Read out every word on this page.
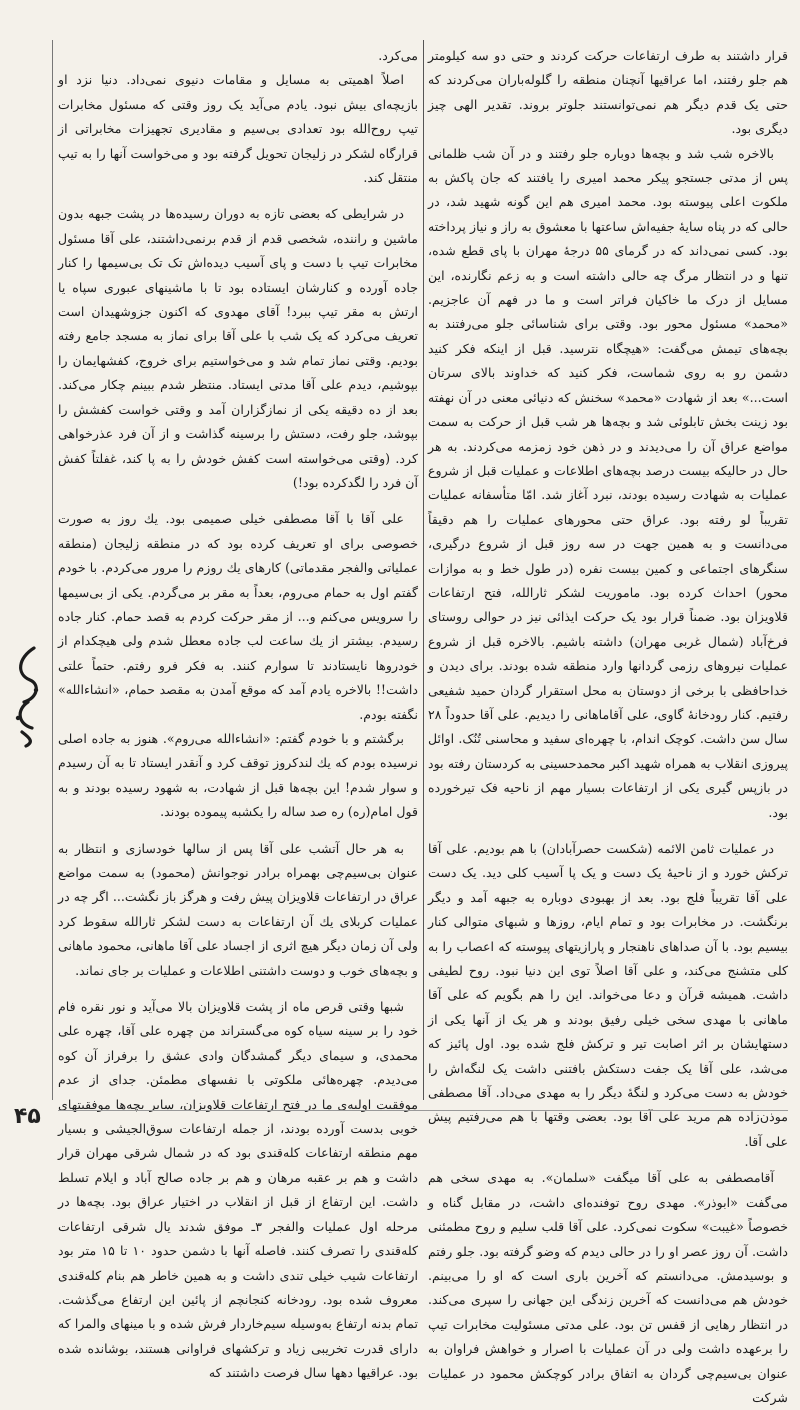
قرار داشتند به طرف ارتفاعات حرکت کردند و حتی دو سه کیلومتر هم جلو رفتند، اما عراقیها آنچنان منطقه را گلوله‌باران می‌کردند که حتی یک قدم دیگر هم نمی‌توانستند جلوتر بروند. تقدیر الهی چیز دیگری بود.

بالاخره شب شد و بچه‌ها دوباره جلو رفتند و در آن شب ظلمانی پس از مدتی جستجو پیکر محمد امیری را یافتند که جان پاکش به ملکوت اعلی پیوسته بود. محمد امیری هم این گونه شهید شد، در حالی که در پناه سایهٔ جفیه‌اش ساعتها با معشوق به راز و نیاز پرداخته بود. کسی نمی‌داند که در گرمای ۵۵ درجهٔ مهران با پای قطع شده، تنها و در انتظار مرگ چه حالی داشته است و به زعم نگارنده، این مسایل از درک ما خاکیان فراتر است و ما در فهم آن عاجزیم. «محمد» مسئول محور بود. وقتی برای شناسائی جلو می‌رفتند به بچه‌های تیمش می‌گفت: «هیچگاه نترسید. قبل از اینکه فکر کنید دشمن رو به روی شماست، فکر کنید که خداوند بالای سرتان است...» بعد از شهادت «محمد» سخنش که دنیائی معنی در آن نهفته بود زینت بخش تابلوئی شد و بچه‌ها هر شب قبل از حرکت به سمت مواضع عراق آن را می‌دیدند و در ذهن خود زمزمه می‌کردند. به هر حال در حالیکه بیست درصد بچه‌های اطلاعات و عملیات قبل از شروع عملیات به شهادت رسیده بودند، نبرد آغاز شد. امّا متأسفانه عملیات تقریباً لو رفته بود. عراق حتی محورهای عملیات را هم دقیقاً می‌دانست و به همین جهت در سه روز قبل از شروع درگیری، سنگرهای اجتماعی و کمین بیست نفره (در طول خط و به موازات محور) احداث کرده بود. ماموریت لشکر ثارالله، فتح ارتفاعات قلاویزان بود. ضمناً قرار بود یک حرکت ایذائی نیز در حوالی روستای فرخ‌آباد (شمال غربی مهران) داشته باشیم. بالاخره قبل از شروع عملیات نیروهای رزمی گردانها وارد منطقه شده بودند. برای دیدن و خداحافظی با برخی از دوستان به محل استقرار گردان حمید شفیعی رفتیم. کنار رودخانهٔ گاوی، علی آقاماهانی را دیدیم. علی آقا حدوداً ۲۸ سال سن داشت. کوچک اندام، با چهره‌ای سفید و محاسنی تُنُک. اوائل پیروزی انقلاب به همراه شهید اکبر محمدحسینی به کردستان رفته بود در بازپس گیری یکی از ارتفاعات بسیار مهم از ناحیه فک تیرخورده بود.

در عملیات ثامن الائمه (شکست حصرآبادان) با هم بودیم. علی آقا ترکش خورد و از ناحیهٔ یک دست و یک پا آسیب کلی دید. یک دست علی آقا تقریباً فلج بود. بعد از بهبودی دوباره به جبهه آمد و دیگر برنگشت. در مخابرات بود و تمام ایام، روزها و شبهای متوالی کنار بیسیم بود. با آن صداهای ناهنجار و پارازیتهای پیوسته که اعصاب را به کلی متشنج می‌کند، و علی آقا اصلاً توی این دنیا نبود. روح لطیفی داشت. همیشه قرآن و دعا می‌خواند. این را هم بگویم که علی آقا ماهانی با مهدی سخی خیلی رفیق بودند و هر یک از آنها یکی از دستهایشان بر اثر اصابت تیر و ترکش فلج شده بود. اول پائیز که می‌شد، علی آقا یک جفت دستکش بافتنی داشت یک لنگه‌اش را خودش به دست می‌کرد و لنگهٔ دیگر را به مهدی می‌داد. آقا مصطفی موذن‌زاده هم مرید علی آقا بود. بعضی وقتها با هم می‌رفتیم پیش علی آقا.

آقامصطفی به علی آقا میگفت «سلمان». به مهدی سخی هم می‌گفت «ابوذر». مهدی روح توفنده‌ای داشت، در مقابل گناه و خصوصاً «غیبت» سکوت نمی‌کرد. علی آقا قلب سلیم و روح مطمئنی داشت. آن روز عصر او را در حالی دیدم که وضو گرفته بود. جلو رفتم و بوسیدمش. می‌دانستم که آخرین باری است که او را می‌بینم. خودش هم می‌دانست که آخرین زندگی این جهانی را سپری می‌کند. در انتظار رهایی از قفس تن بود. علی مدتی مسئولیت مخابرات تیپ را برعهده داشت ولی در آن عملیات با اصرار و خواهش فراوان به عنوان بی‌سیم‌چی گردان به اتفاق برادر کوچکش محمود در عملیات شرکت

می‌کرد.

اصلاً اهمیتی به مسایل و مقامات دنیوی نمی‌داد. دنیا نزد او بازیچه‌ای بیش نبود. یادم می‌آید یک روز وقتی که مسئول مخابرات تیپ روح‌الله بود تعدادی بی‌سیم و مقادیری تجهیزات مخابراتی از قرارگاه لشکر در زلیجان تحویل گرفته بود و می‌خواست آنها را به تیپ منتقل کند.

در شرایطی که بعضی تازه به دوران رسیده‌ها در پشت جبهه بدون ماشین و راننده، شخصی قدم از قدم برنمی‌داشتند، علی آقا مسئول مخابرات تیپ با دست و پای آسیب دیده‌اش تک تک بی‌سیمها را کنار جاده آورده و کنارشان ایستاده بود تا با ماشینهای عبوری سپاه یا ارتش به مقر تیپ ببرد! آقای مهدوی که اکنون جزوشهیدان است تعریف می‌کرد که یک شب با علی آقا برای نماز به مسجد جامع رفته بودیم. وقتی نماز تمام شد و می‌خواستیم برای خروج، کفشهایمان را بپوشیم، دیدم علی آقا مدتی ایستاد. منتظر شدم ببینم چکار می‌کند. بعد از ده دقیقه یکی از نمازگزاران آمد و وقتی خواست کفشش را بپوشد، جلو رفت، دستش را برسینه گذاشت و از آن فرد عذرخواهی کرد. (وقتی می‌خواسته است کفش خودش را به پا کند، غفلتاً کفش آن فرد را لگدکرده بود!)

علی آقا با آقا مصطفی خیلی صمیمی بود. یك روز به صورت خصوصی برای او تعریف کرده بود که در منطقه زلیجان (منطقه عملیاتی والفجر مقدماتی) کارهای یك روزم را مرور می‌کردم. با خودم گفتم اول به حمام می‌روم، بعداً به مقر بر می‌گردم. یکی از بی‌سیمها را سرویس می‌کنم و... از مقر حرکت کردم به قصد حمام. کنار جاده رسیدم. بیشتر از یك ساعت لب جاده معطل شدم ولی هیچکدام از خودروها نایستادند تا سوارم کنند. به فکر فرو رفتم. حتماً علتی داشت!! بالاخره یادم آمد که موقع آمدن به مقصد حمام، «انشاءالله» نگفته بودم.

برگشتم و با خودم گفتم: «انشاءالله می‌روم». هنوز به جاده اصلی نرسیده بودم که یك لندکروز توقف کرد و آنقدر ایستاد تا به آن رسیدم و سوار شدم! این بچه‌ها قبل از شهادت، به شهود رسیده بودند و به قول امام(ره) ره صد ساله را یکشبه پیموده بودند.

به هر حال آتشب علی آقا پس از سالها خودسازی و انتظار به عنوان بی‌سیم‌چی بهمراه برادر نوجوانش (محمود) به سمت مواضع عراق در ارتفاعات قلاویزان پیش رفت و هرگز باز نگشت... اگر چه در عملیات کربلای یك آن ارتفاعات به دست لشکر ثارالله سقوط کرد ولی آن زمان دیگر هیچ اثری از اجساد علی آقا ماهانی، محمود ماهانی و بچه‌های خوب و دوست داشتنی اطلاعات و عملیات بر جای نماند.

شبها وقتی قرص ماه از پشت قلاویزان بالا می‌آید و نور نقره فام خود را بر سینه سیاه کوه می‌گستراند من چهره علی آقا، چهره علی محمدی، و سیمای دیگر گمشدگان وادی عشق را برفراز آن کوه می‌دیدم. چهره‌هائی ملکوتی با نفسهای مطمئن. جدای از عدم موفقیت اولیه‌ی ما در فتح ارتفاعات قلاویزان، سایر بچه‌ها موفقیتهای خوبی بدست آورده بودند، از جمله ارتفاعات سوق‌الجیشی و بسیار مهم منطقه ارتفاعات کله‌قندی بود که در شمال شرقی مهران قرار داشت و هم بر عقبه مرهان و هم بر جاده صالح آباد و ایلام تسلط داشت. این ارتفاع از قبل از انقلاب در اختیار عراق بود. بچه‌ها در مرحله اول عملیات والفجر ۳ـ موفق شدند یال شرقی ارتفاعات کله‌قندی را تصرف کنند. فاصله آنها با دشمن حدود ۱۰ تا ۱۵ متر بود ارتفاعات شیب خیلی تندی داشت و به همین خاطر هم بنام کله‌قندی معروف شده بود. رودخانه کنجانچم از پائین این ارتفاع می‌گذشت. تمام بدنه ارتفاع به‌وسیله سیم‌خاردار فرش شده و با مینهای والمرا که دارای قدرت تخریبی زیاد و ترکشهای فراوانی هستند، بوشانده شده بود. عراقیها دهها سال فرصت داشتند که

۴۵
